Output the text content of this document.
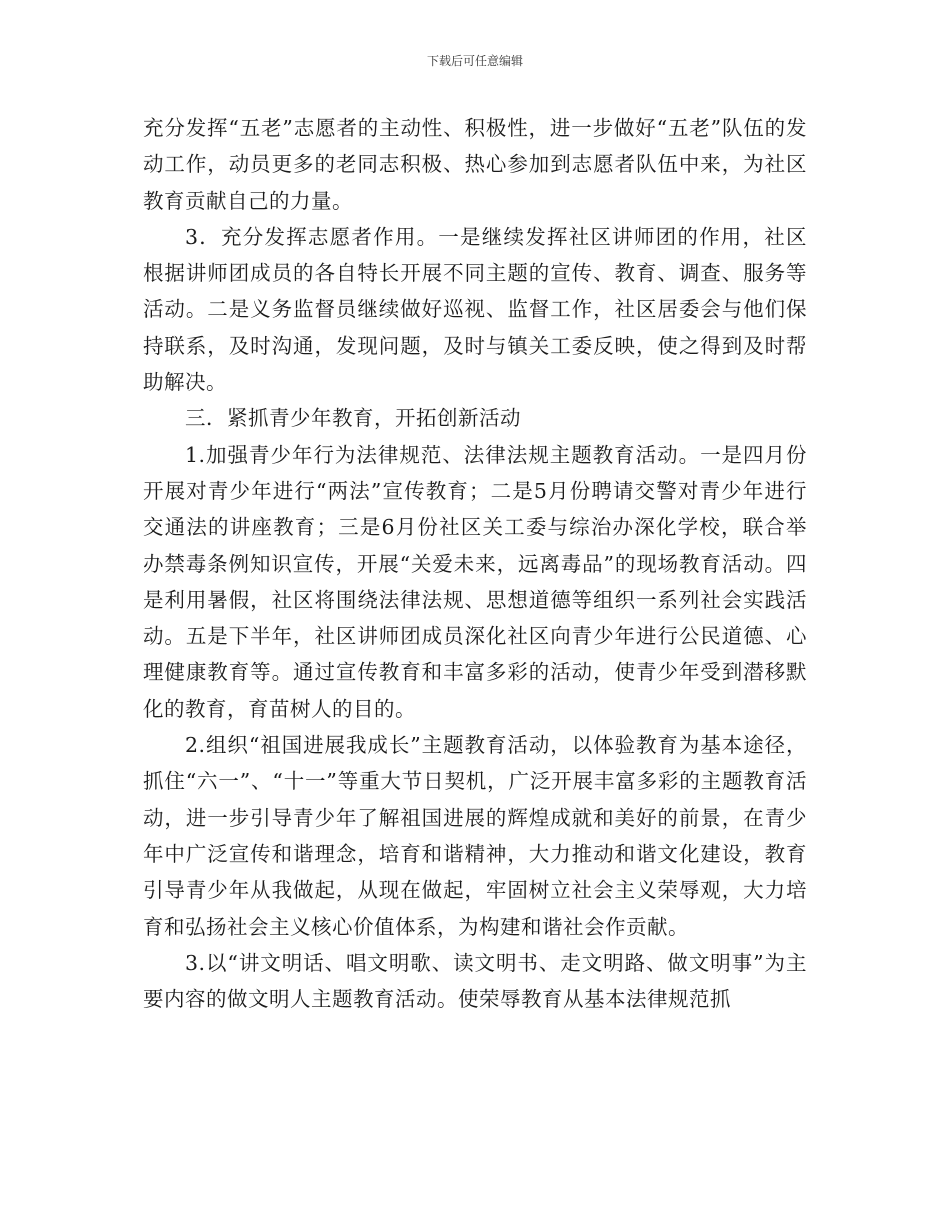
下载后可任意编辑

充分发挥“五老”志愿者的主动性、积极性，进一步做好“五老”队伍的发动工作，动员更多的老同志积极、热心参加到志愿者队伍中来，为社区教育贡献自己的力量。

3．充分发挥志愿者作用。一是继续发挥社区讲师团的作用，社区根据讲师团成员的各自特长开展不同主题的宣传、教育、调查、服务等活动。二是义务监督员继续做好巡视、监督工作，社区居委会与他们保持联系，及时沟通，发现问题，及时与镇关工委反映，使之得到及时帮助解决。

三．紧抓青少年教育，开拓创新活动

1.加强青少年行为法律规范、法律法规主题教育活动。一是四月份开展对青少年进行“两法”宣传教育；二是5月份聘请交警对青少年进行交通法的讲座教育；三是6月份社区关工委与综治办深化学校，联合举办禁毒条例知识宣传，开展“关爱未来，远离毒品”的现场教育活动。四是利用暑假，社区将围绕法律法规、思想道德等组织一系列社会实践活动。五是下半年，社区讲师团成员深化社区向青少年进行公民道德、心理健康教育等。通过宣传教育和丰富多彩的活动，使青少年受到潜移默化的教育，育苗树人的目的。

2.组织“祖国进展我成长”主题教育活动，以体验教育为基本途径，抓住“六一”、“十一”等重大节日契机，广泛开展丰富多彩的主题教育活动，进一步引导青少年了解祖国进展的辉煌成就和美好的前景，在青少年中广泛宣传和谐理念，培育和谐精神，大力推动和谐文化建设，教育引导青少年从我做起，从现在做起，牢固树立社会主义荣辱观，大力培育和弘扬社会主义核心价值体系，为构建和谐社会作贡献。

3.以“讲文明话、唱文明歌、读文明书、走文明路、做文明事”为主要内容的做文明人主题教育活动。使荣辱教育从基本法律规范抓
